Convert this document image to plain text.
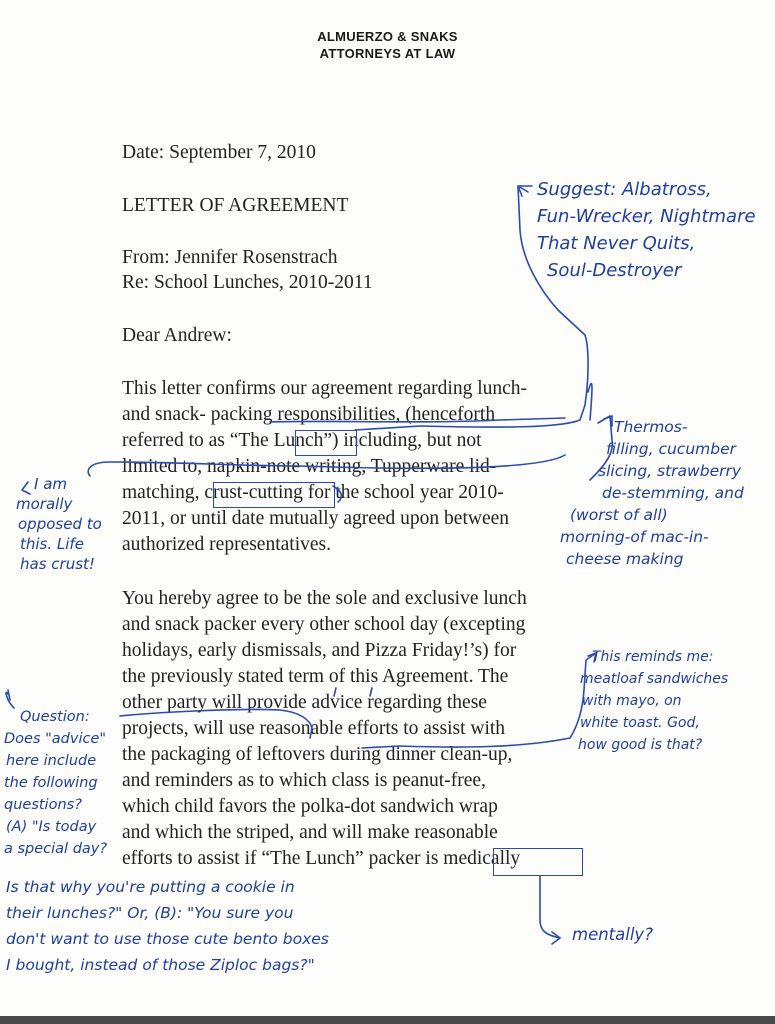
ALMUERZO & SNAKS
ATTORNEYS AT LAW
Date: September 7, 2010
LETTER OF AGREEMENT
From: Jennifer Rosenstrach
Re: School Lunches, 2010-2011
Dear Andrew:
This letter confirms our agreement regarding lunch-
and snack- packing responsibilities, (henceforth
referred to as “The Lunch”) including, but not
limited to, napkin-note writing, Tupperware lid-
matching, crust-cutting for the school year 2010-
2011, or until date mutually agreed upon between
authorized representatives.
You hereby agree to be the sole and exclusive lunch
and snack packer every other school day (excepting
holidays, early dismissals, and Pizza Friday!’s) for
the previously stated term of this Agreement. The
other party will provide advice regarding these
projects, will use reasonable efforts to assist with
the packaging of leftovers during dinner clean-up,
and reminders as to which class is peanut-free,
which child favors the polka-dot sandwich wrap
and which the striped, and will make reasonable
efforts to assist if “The Lunch” packer is medically
Suggest: Albatross,
Fun-Wrecker, Nightmare
That Never Quits,
Soul-Destroyer
Thermos-
filling, cucumber
slicing, strawberry
de-stemming, and
(worst of all)
morning-of mac-in-
cheese making
I am
morally
opposed to
this. Life
has crust!
This reminds me:
meatloaf sandwiches
with mayo, on
white toast. God,
how good is that?
Question:
Does "advice"
here include
the following
questions?
(A) "Is today
a special day?
Is that why you're putting a cookie in
their lunches?" Or, (B): "You sure you
don't want to use those cute bento boxes
I bought, instead of those Ziploc bags?"
mentally?
